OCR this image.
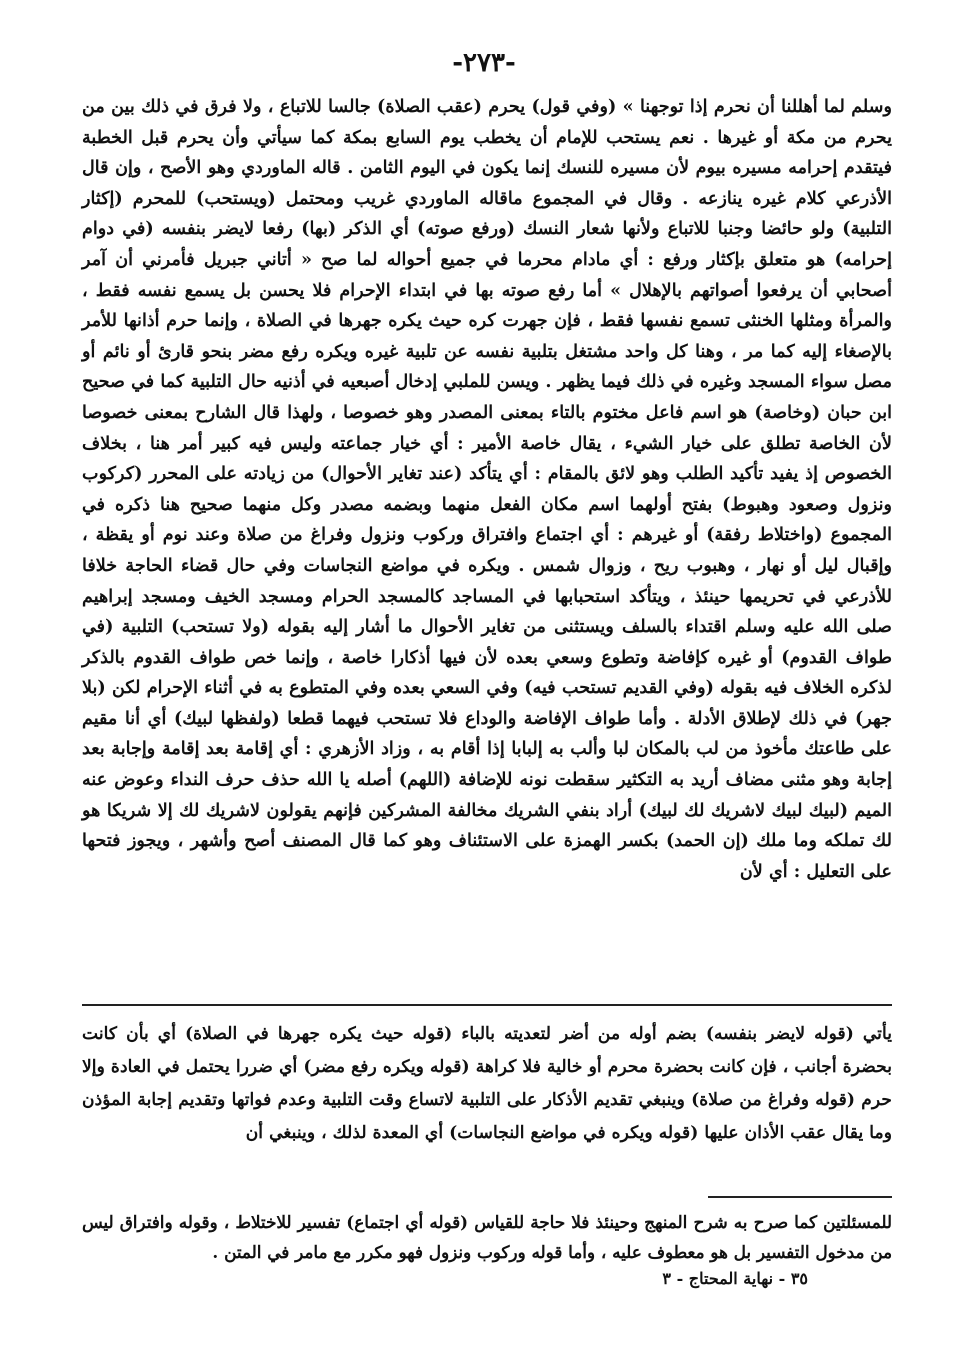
-٢٧٣-

وسلم لما أهللنا أن نحرم إذا توجهنا » (وفي قول) يحرم (عقب الصلاة) جالسا للاتباع ، ولا فرق في ذلك بين من يحرم من مكة أو غيرها . نعم يستحب للإمام أن يخطب يوم السابع بمكة كما سيأتي وأن يحرم قبل الخطبة فيتقدم إحرامه مسيره بيوم لأن مسيره للنسك إنما يكون في اليوم الثامن . قاله الماوردي وهو الأصح ، وإن قال الأذرعي كلام غيره ينازعه . وقال في المجموع ماقاله الماوردي غريب ومحتمل (ويستحب) للمحرم (إكثار التلبية) ولو حائضا وجنبا للاتباع ولأنها شعار النسك (ورفع صوته) أي الذكر (بها) رفعا لايضر بنفسه (في دوام إحرامه) هو متعلق بإكثار ورفع : أي مادام محرما في جميع أحواله لما صح « أتاني جبريل فأمرني أن آمر أصحابي أن يرفعوا أصواتهم بالإهلال » أما رفع صوته بها في ابتداء الإحرام فلا يحسن بل يسمع نفسه فقط ، والمرأة ومثلها الخنثى تسمع نفسها فقط ، فإن جهرت كره حيث يكره جهرها في الصلاة ، وإنما حرم أذانها للأمر بالإصغاء إليه كما مر ، وهنا كل واحد مشتغل بتلبية نفسه عن تلبية غيره ويكره رفع مضر بنحو قارئ أو نائم أو مصل سواء المسجد وغيره في ذلك فيما يظهر . ويسن للملبي إدخال أصبعيه في أذنيه حال التلبية كما في صحيح ابن حبان (وخاصة) هو اسم فاعل مختوم بالتاء بمعنى المصدر وهو خصوصا ، ولهذا قال الشارح بمعنى خصوصا لأن الخاصة تطلق على خيار الشيء ، يقال خاصة الأمير : أي خيار جماعته وليس فيه كبير أمر هنا ، بخلاف الخصوص إذ يفيد تأكيد الطلب وهو لائق بالمقام : أي يتأكد (عند تغاير الأحوال) من زيادته على المحرر (كركوب ونزول وصعود وهبوط) بفتح أولهما اسم مكان الفعل منهما وبضمه مصدر وكل منهما صحيح هنا ذكره في المجموع (واختلاط رفقة) أو غيرهم : أي اجتماع وافتراق وركوب ونزول وفراغ من صلاة وعند نوم أو يقظة ، وإقبال ليل أو نهار ، وهبوب ريح ، وزوال شمس . ويكره في مواضع النجاسات وفي حال قضاء الحاجة خلافا للأذرعي في تحريمها حينئذ ، ويتأكد استحبابها في المساجد كالمسجد الحرام ومسجد الخيف ومسجد إبراهيم صلى الله عليه وسلم اقتداء بالسلف ويستثنى من تغاير الأحوال ما أشار إليه بقوله (ولا تستحب) التلبية (في طواف القدوم) أو غيره كإفاضة وتطوع وسعي بعده لأن فيها أذكارا خاصة ، وإنما خص طواف القدوم بالذكر لذكره الخلاف فيه بقوله (وفي القديم تستحب فيه) وفي السعي بعده وفي المتطوع به في أثناء الإحرام لكن (بلا جهر) في ذلك لإطلاق الأدلة . وأما طواف الإفاضة والوداع فلا تستحب فيهما قطعا (ولفظها لبيك) أي أنا مقيم على طاعتك مأخوذ من لب بالمكان لبا وألب به إلبابا إذا أقام به ، وزاد الأزهري : أي إقامة بعد إقامة وإجابة بعد إجابة وهو مثنى مضاف أريد به التكثير سقطت نونه للإضافة (اللهم) أصله يا الله حذف حرف النداء وعوض عنه الميم (لبيك لبيك لاشريك لك لبيك) أراد بنفي الشريك مخالفة المشركين فإنهم يقولون لاشريك لك إلا شريكا هو لك تملكه وما ملك (إن الحمد) بكسر الهمزة على الاستئناف وهو كما قال المصنف أصح وأشهر ، ويجوز فتحها على التعليل : أي لأن

يأتي (قوله لايضر بنفسه) بضم أوله من أضر لتعديته بالباء (قوله حيث يكره جهرها في الصلاة) أي بأن كانت بحضرة أجانب ، فإن كانت بحضرة محرم أو خالية فلا كراهة (قوله ويكره رفع مضر) أي ضررا يحتمل في العادة وإلا حرم (قوله وفراغ من صلاة) وينبغي تقديم الأذكار على التلبية لاتساع وقت التلبية وعدم فواتها وتقديم إجابة المؤذن وما يقال عقب الأذان عليها (قوله ويكره في مواضع النجاسات) أي المعدة لذلك ، وينبغي أن

للمسئلتين كما صرح به شرح المنهج وحينئذ فلا حاجة للقياس (قوله أي اجتماع) تفسير للاختلاط ، وقوله وافتراق ليس من مدخول التفسير بل هو معطوف عليه ، وأما قوله وركوب ونزول فهو مكرر مع مامر في المتن .

٣٥ - نهاية المحتاج - ٣
